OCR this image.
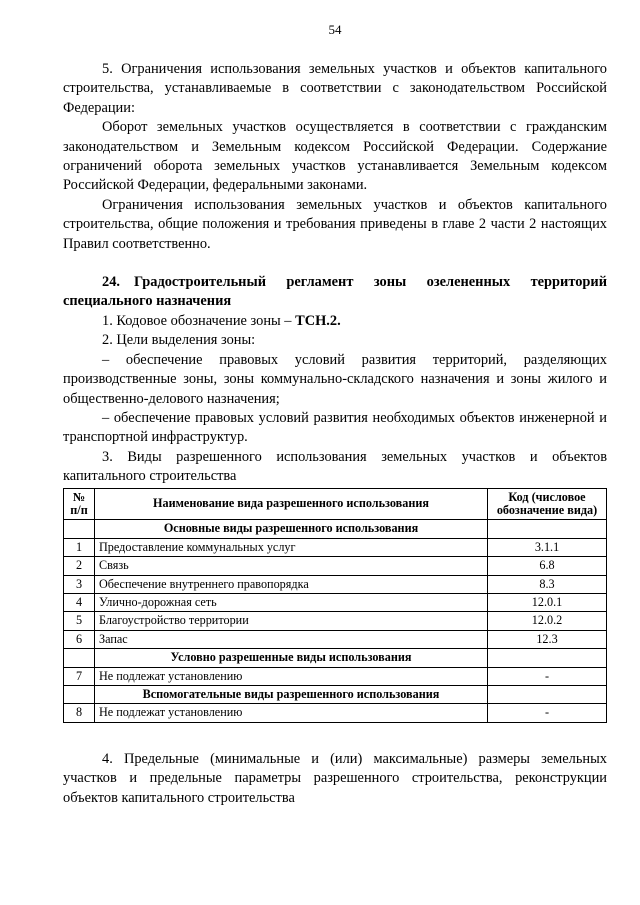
54

5. Ограничения использования земельных участков и объектов капитального строительства, устанавливаемые в соответствии с законодательством Российской Федерации:

Оборот земельных участков осуществляется в соответствии с гражданским законодательством и Земельным кодексом Российской Федерации. Содержание ограничений оборота земельных участков устанавливается Земельным кодексом Российской Федерации, федеральными законами.

Ограничения использования земельных участков и объектов капитального строительства, общие положения и требования приведены в главе 2 части 2 настоящих Правил соответственно.

24. Градостроительный регламент зоны озелененных территорий специального назначения

1. Кодовое обозначение зоны – ТСН.2.

2. Цели выделения зоны:

– обеспечение правовых условий развития территорий, разделяющих производственные зоны, зоны коммунально-складского назначения и зоны жилого и общественно-делового назначения;

– обеспечение правовых условий развития необходимых объектов инженерной и транспортной инфраструктур.

3. Виды разрешенного использования земельных участков и объектов капитального строительства

№ п/п	Наименование вида разрешенного использования	Код (числовое обозначение вида)
	Основные виды разрешенного использования	
1	Предоставление коммунальных услуг	3.1.1
2	Связь	6.8
3	Обеспечение внутреннего правопорядка	8.3
4	Улично-дорожная сеть	12.0.1
5	Благоустройство территории	12.0.2
6	Запас	12.3
	Условно разрешенные виды использования	
7	Не подлежат установлению	-
	Вспомогательные виды разрешенного использования	
8	Не подлежат установлению	-

4. Предельные (минимальные и (или) максимальные) размеры земельных участков и предельные параметры разрешенного строительства, реконструкции объектов капитального строительства
